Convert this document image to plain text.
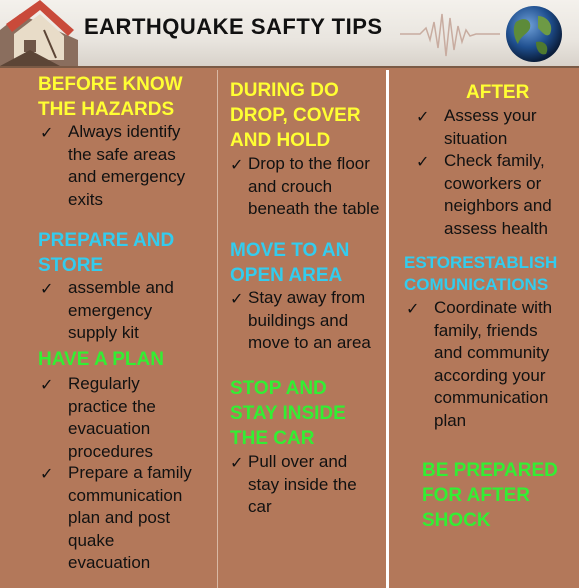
EARTHQUAKE SAFTY TIPS
BEFORE KNOW
THE HAZARDS
✓ Always identify
the safe areas
and emergency
exits
PREPARE AND
STORE
✓ assemble and
emergency
supply kit
HAVE A PLAN
✓ Regularly
practice the
evacuation
procedures
✓ Prepare a family
communication
plan and post
quake
evacuation
DURING DO
DROP, COVER
AND HOLD
✓ Drop to the floor
and crouch
beneath the table
MOVE TO AN
OPEN AREA
✓ Stay away from
buildings and
move to an area
STOP AND
STAY INSIDE
THE CAR
✓ Pull over and
stay inside the
car
AFTER
✓ Assess your
situation
✓ Check family,
coworkers or
neighbors and
assess health
ESTORESTABLISH
COMUNICATIONS
✓ Coordinate with
family, friends
and community
according your
communication
plan
BE PREPARED
FOR AFTER
SHOCK
